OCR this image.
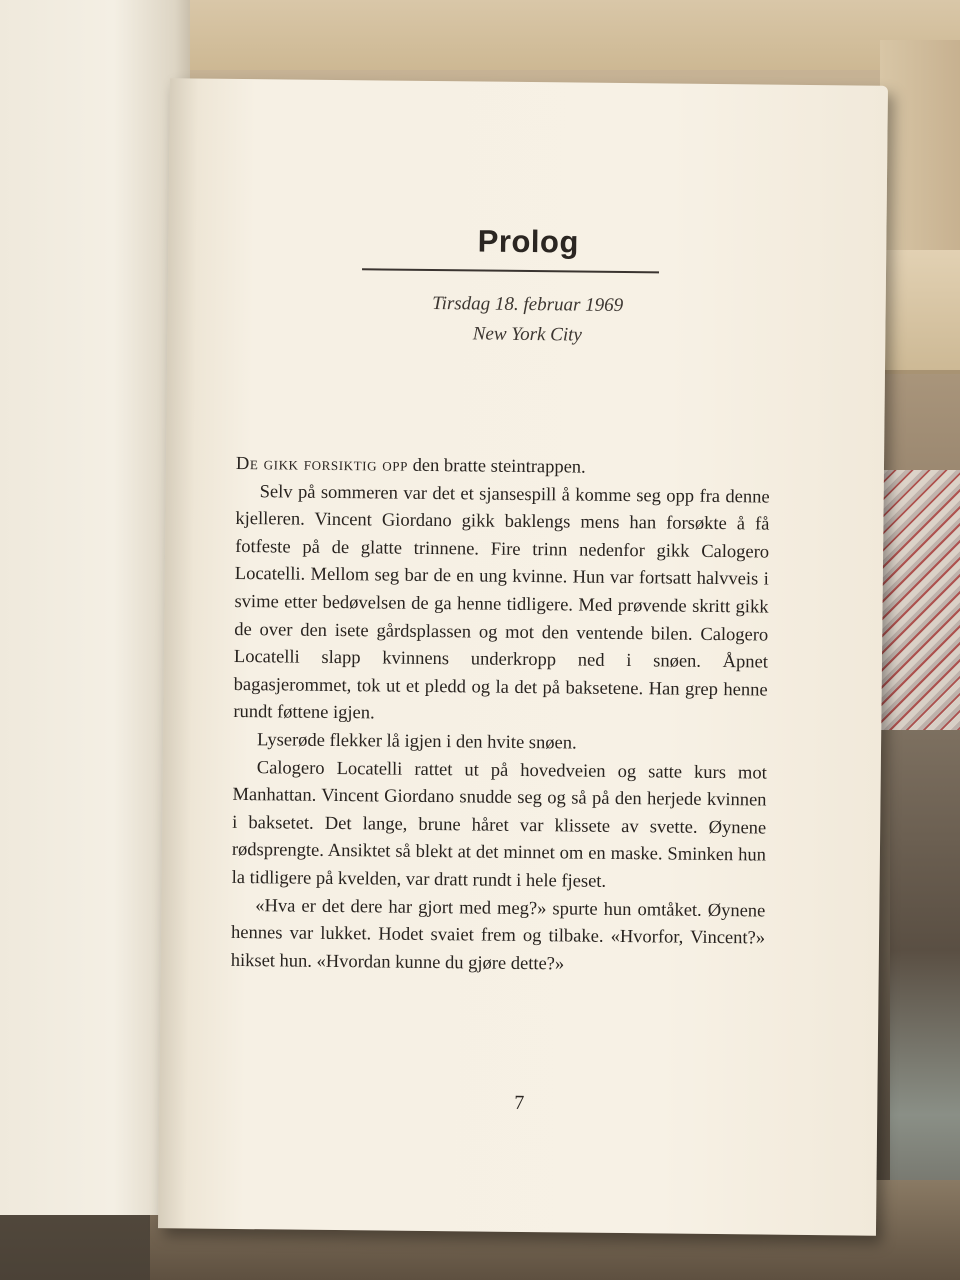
Prolog
Tirsdag 18. februar 1969
New York City

De gikk forsiktig opp den bratte steintrappen.

Selv på sommeren var det et sjansespill å komme seg opp fra denne kjelleren. Vincent Giordano gikk baklengs mens han forsøkte å få fotfeste på de glatte trinnene. Fire trinn nedenfor gikk Calogero Locatelli. Mellom seg bar de en ung kvinne. Hun var fortsatt halvveis i svime etter bedøvelsen de ga henne tidligere. Med prøvende skritt gikk de over den isete gårdsplassen og mot den ventende bilen. Calogero Locatelli slapp kvinnens underkropp ned i snøen. Åpnet bagasjerommet, tok ut et pledd og la det på baksetene. Han grep henne rundt føttene igjen.

Lyserøde flekker lå igjen i den hvite snøen.

Calogero Locatelli rattet ut på hovedveien og satte kurs mot Manhattan. Vincent Giordano snudde seg og så på den herjede kvinnen i baksetet. Det lange, brune håret var klissete av svette. Øynene rødsprengte. Ansiktet så blekt at det minnet om en maske. Sminken hun la tidligere på kvelden, var dratt rundt i hele fjeset.

«Hva er det dere har gjort med meg?» spurte hun omtåket. Øynene hennes var lukket. Hodet svaiet frem og tilbake. «Hvorfor, Vincent?» hikset hun. «Hvordan kunne du gjøre dette?»

7
